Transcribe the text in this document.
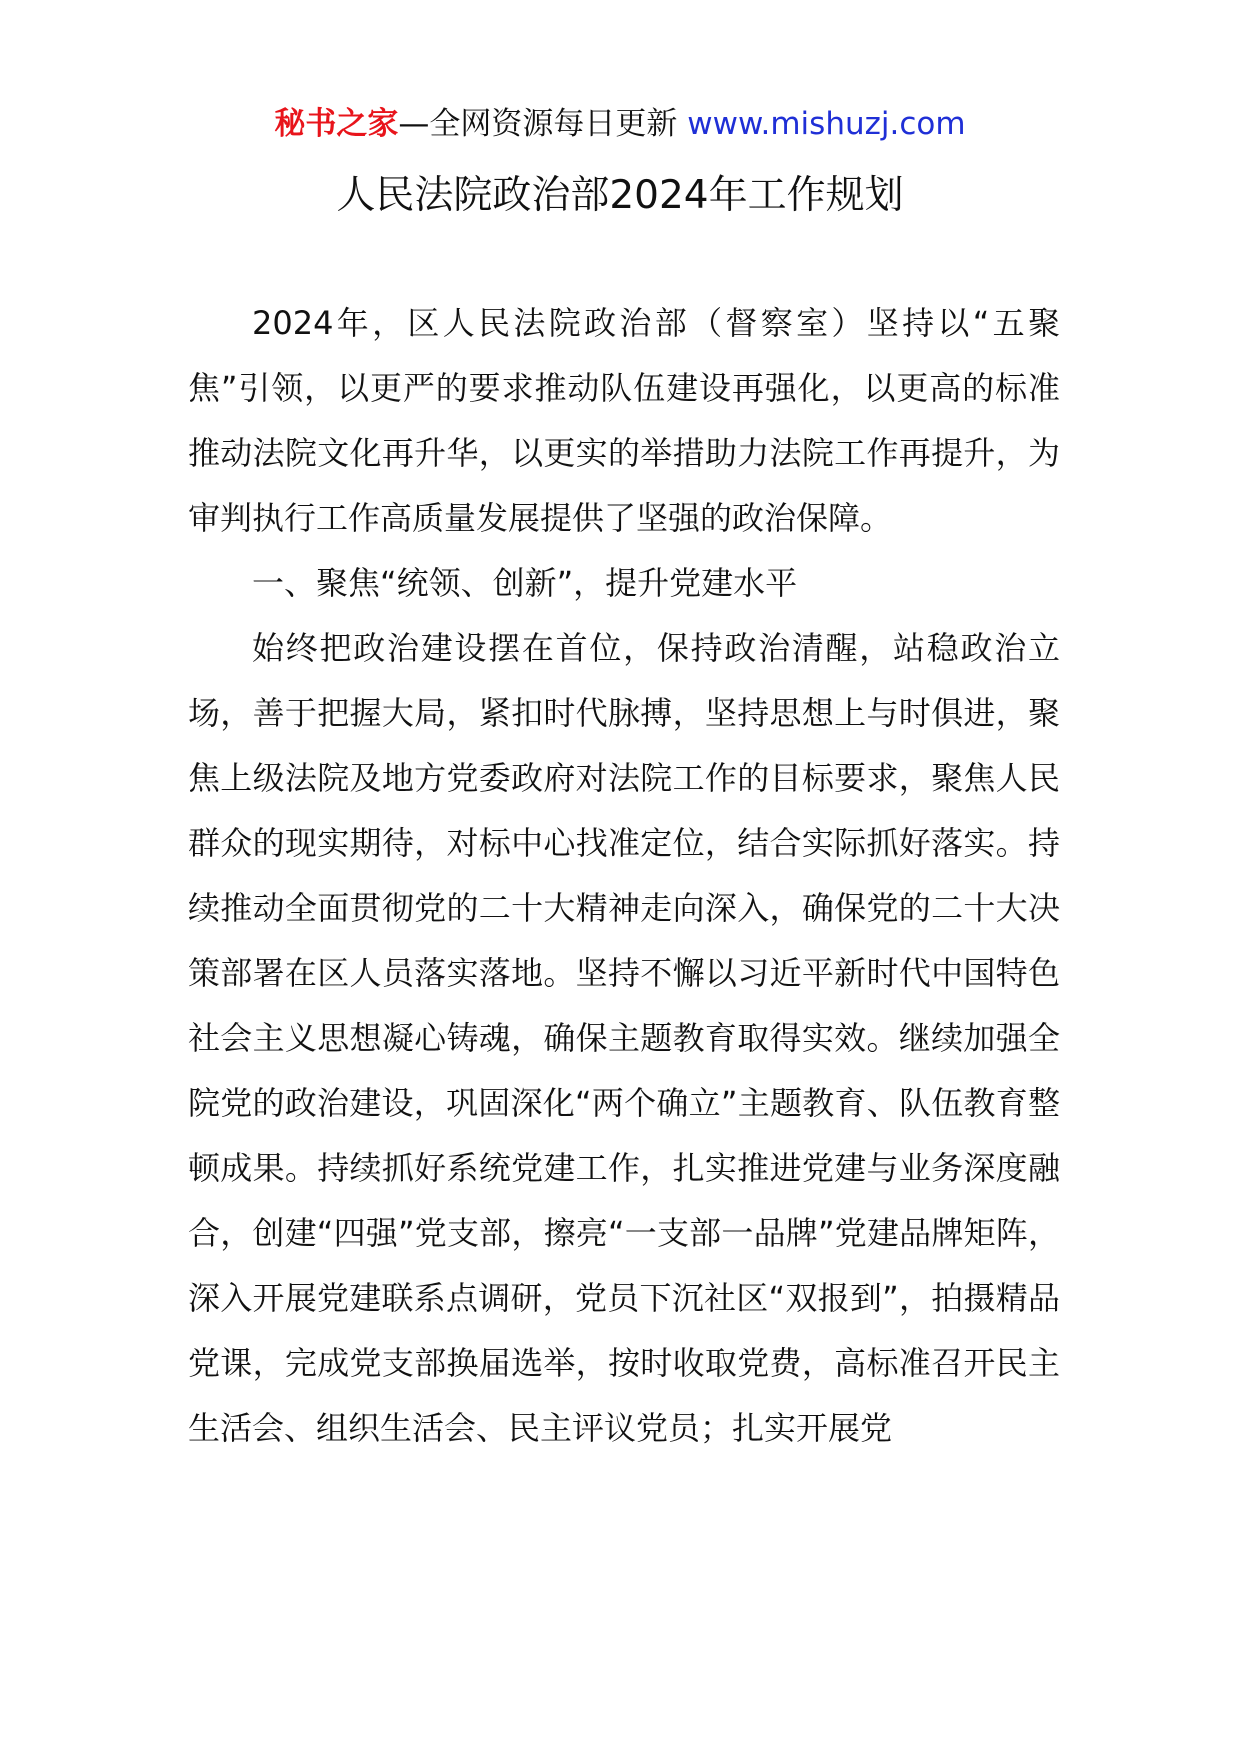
秘书之家—全网资源每日更新 www.mishuzj.com
人民法院政治部2024年工作规划

2024年，区人民法院政治部（督察室）坚持以“五聚焦”引领，以更严的要求推动队伍建设再强化，以更高的标准推动法院文化再升华，以更实的举措助力法院工作再提升，为审判执行工作高质量发展提供了坚强的政治保障。

一、聚焦“统领、创新”，提升党建水平

始终把政治建设摆在首位，保持政治清醒，站稳政治立场，善于把握大局，紧扣时代脉搏，坚持思想上与时俱进，聚焦上级法院及地方党委政府对法院工作的目标要求，聚焦人民群众的现实期待，对标中心找准定位，结合实际抓好落实。持续推动全面贯彻党的二十大精神走向深入，确保党的二十大决策部署在区人员落实落地。坚持不懈以习近平新时代中国特色社会主义思想凝心铸魂，确保主题教育取得实效。继续加强全院党的政治建设，巩固深化“两个确立”主题教育、队伍教育整顿成果。持续抓好系统党建工作，扎实推进党建与业务深度融合，创建“四强”党支部，擦亮“一支部一品牌”党建品牌矩阵，深入开展党建联系点调研，党员下沉社区“双报到”，拍摄精品党课，完成党支部换届选举，按时收取党费，高标准召开民主生活会、组织生活会、民主评议党员；扎实开展党
